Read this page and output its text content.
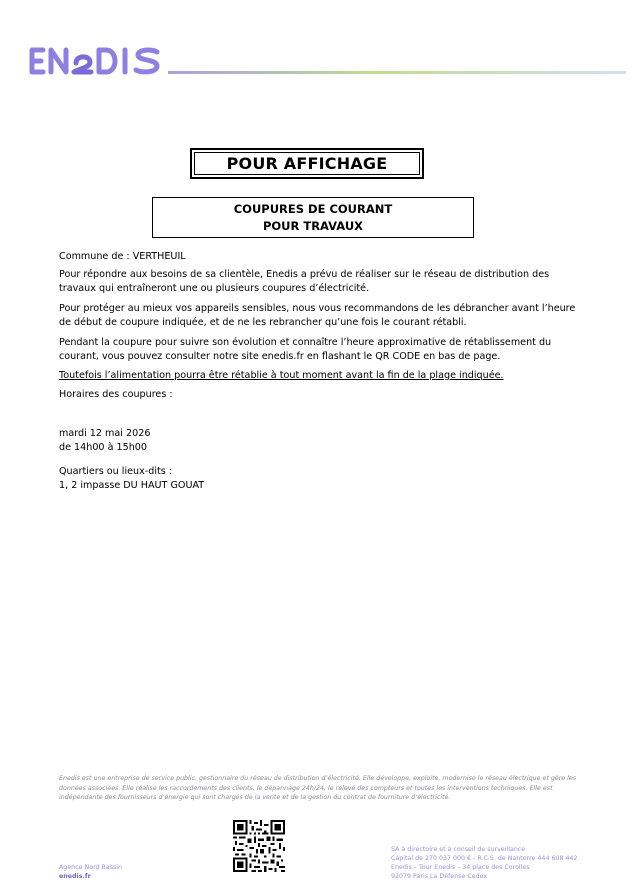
POUR AFFICHAGE
COUPURES DE COURANT
POUR TRAVAUX

Commune de : VERTHEUIL

Pour répondre aux besoins de sa clientèle, Enedis a prévu de réaliser sur le réseau de distribution des travaux qui entraîneront une ou plusieurs coupures d’électricité.

Pour protéger au mieux vos appareils sensibles, nous vous recommandons de les débrancher avant l’heure de début de coupure indiquée, et de ne les rebrancher qu’une fois le courant rétabli.

Pendant la coupure pour suivre son évolution et connaître l’heure approximative de rétablissement du courant, vous pouvez consulter notre site enedis.fr en flashant le QR CODE en bas de page.

Toutefois l’alimentation pourra être rétablie à tout moment avant la fin de la plage indiquée.

Horaires des coupures :

mardi 12 mai 2026

de 14h00 à 15h00

Quartiers ou lieux-dits :

1, 2 impasse DU HAUT GOUAT

Enedis est une entreprise de service public, gestionnaire du réseau de distribution d’électricité. Elle développe, exploite, modernise le réseau électrique et gère les données associées. Elle réalise les raccordements des clients, le dépannage 24h/24, le relevé des compteurs et toutes les interventions techniques. Elle est indépendante des fournisseurs d’énergie qui sont chargés de la vente et de la gestion du contrat de fourniture d’électricité.
Agence Nord Bassin
enedis.fr
SA à directoire et à conseil de surveillance
Capital de 270 037 000 € - R.C.S. de Nanterre 444 608 442
Enedis – Tour Enedis – 34 place des Corolles
92079 Paris La Défense Cedex
